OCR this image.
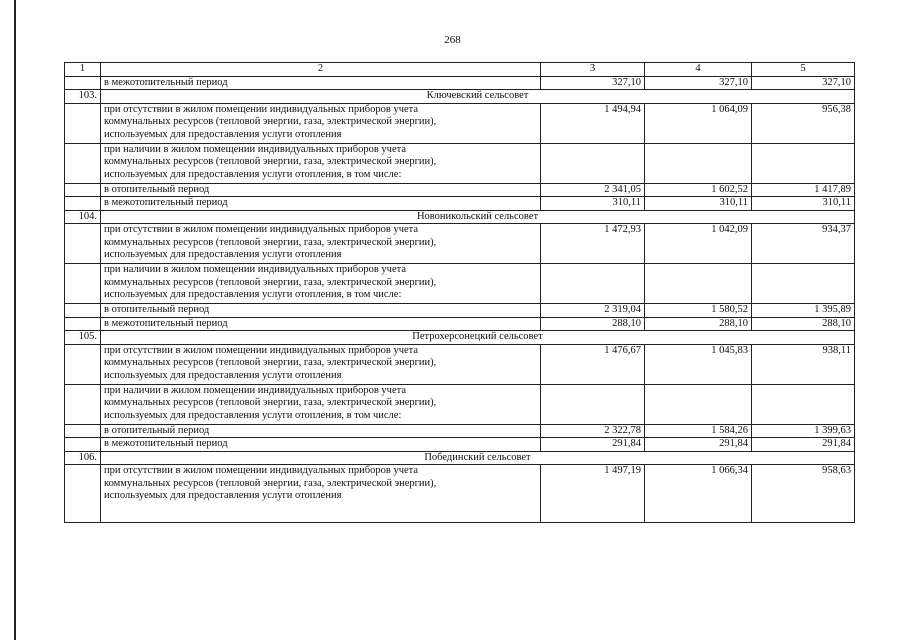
268
1	2	3	4	5
	в межотопительный период	327,10	327,10	327,10
103.	Ключевский сельсовет			

	при отсутствии в жилом помещении индивидуальных приборов учета
коммунальных ресурсов (тепловой энергии, газа, электрической энергии),
используемых для предоставления услуги отопления	1 494,94	1 064,09	956,38

	при наличии в жилом помещении индивидуальных приборов учета
коммунальных ресурсов (тепловой энергии, газа, электрической энергии),
используемых для предоставления услуги отопления, в том числе:			

	в отопительный период	2 341,05	1 602,52	1 417,89
	в межотопительный период	310,11	310,11	310,11
104.	Новоникольский сельсовет			

	при отсутствии в жилом помещении индивидуальных приборов учета
коммунальных ресурсов (тепловой энергии, газа, электрической энергии),
используемых для предоставления услуги отопления	1 472,93	1 042,09	934,37

	при наличии в жилом помещении индивидуальных приборов учета
коммунальных ресурсов (тепловой энергии, газа, электрической энергии),
используемых для предоставления услуги отопления, в том числе:			

	в отопительный период	2 319,04	1 580,52	1 395,89
	в межотопительный период	288,10	288,10	288,10
105.	Петрохерсонецкий сельсовет			

	при отсутствии в жилом помещении индивидуальных приборов учета
коммунальных ресурсов (тепловой энергии, газа, электрической энергии),
используемых для предоставления услуги отопления	1 476,67	1 045,83	938,11

	при наличии в жилом помещении индивидуальных приборов учета
коммунальных ресурсов (тепловой энергии, газа, электрической энергии),
используемых для предоставления услуги отопления, в том числе:			

	в отопительный период	2 322,78	1 584,26	1 399,63
	в межотопительный период	291,84	291,84	291,84
106.	Побединский сельсовет			

	при отсутствии в жилом помещении индивидуальных приборов учета
коммунальных ресурсов (тепловой энергии, газа, электрической энергии),
используемых для предоставления услуги отопления	1 497,19	1 066,34	958,63
